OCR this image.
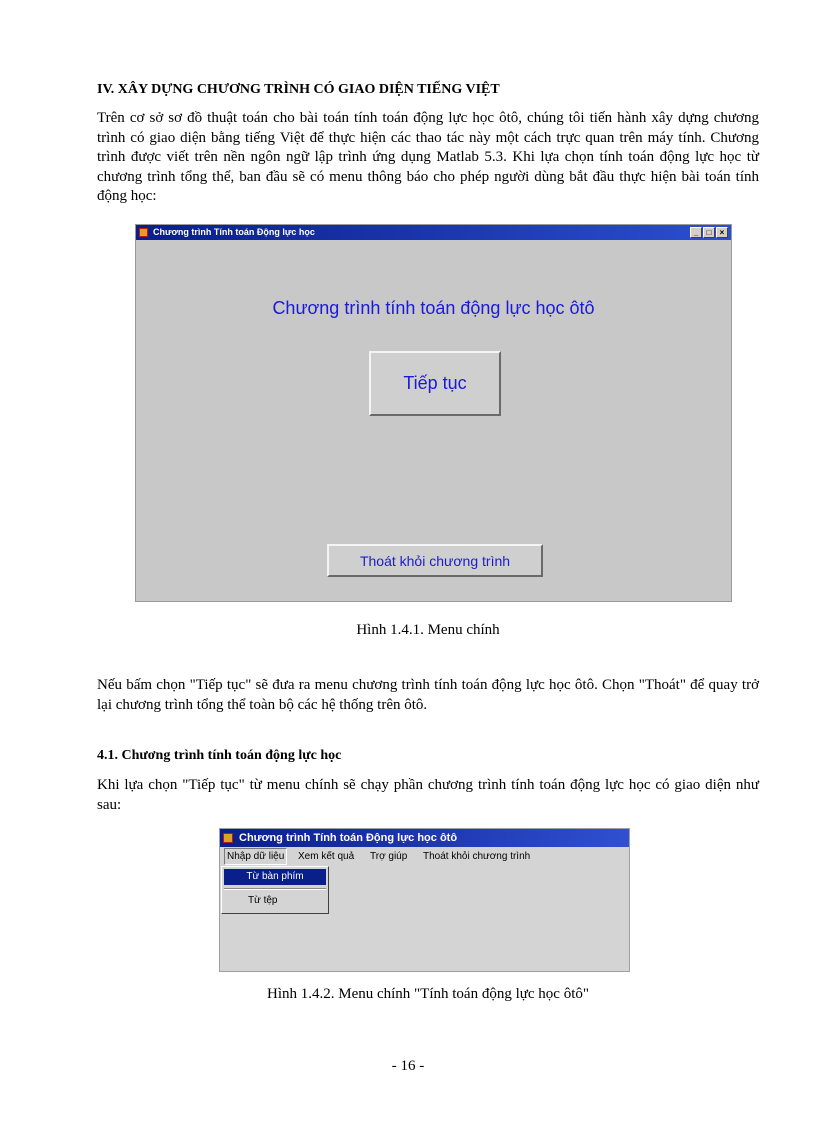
IV. XÂY DỰNG CHƯƠNG TRÌNH CÓ GIAO DIỆN TIẾNG VIỆT

Trên cơ sở sơ đồ thuật toán cho bài toán tính toán động lực học ôtô, chúng tôi tiến hành xây dựng chương trình có giao diện bằng tiếng Việt để thực hiện các thao tác này một cách trực quan trên máy tính. Chương trình được viết trên nền ngôn ngữ lập trình ứng dụng Matlab 5.3. Khi lựa chọn tính toán động lực học từ chương trình tổng thể, ban đầu sẽ có menu thông báo cho phép người dùng bắt đầu thực hiện bài toán tính động học:

Chương trình Tính toán Động lực học	_	□	×
Chương trình tính toán động lực học ôtô
Tiếp tục
Thoát khỏi chương trình
Hình 1.4.1. Menu chính

Nếu bấm chọn "Tiếp tục" sẽ đưa ra menu chương trình tính toán động lực học ôtô. Chọn "Thoát" để quay trở lại chương trình tổng thể toàn bộ các hệ thống trên ôtô.

4.1. Chương trình tính toán động lực học

Khi lựa chọn "Tiếp tục" từ menu chính sẽ chạy phần chương trình tính toán động lực học có giao diện như sau:

Chương trình Tính toán Động lực học ôtô
Nhập dữ liệu	Xem kết quả Trợ giúp Thoát khỏi chương trình
Từ bàn phím
Từ tệp
Hình 1.4.2. Menu chính "Tính toán động lực học ôtô"
- 16 -
